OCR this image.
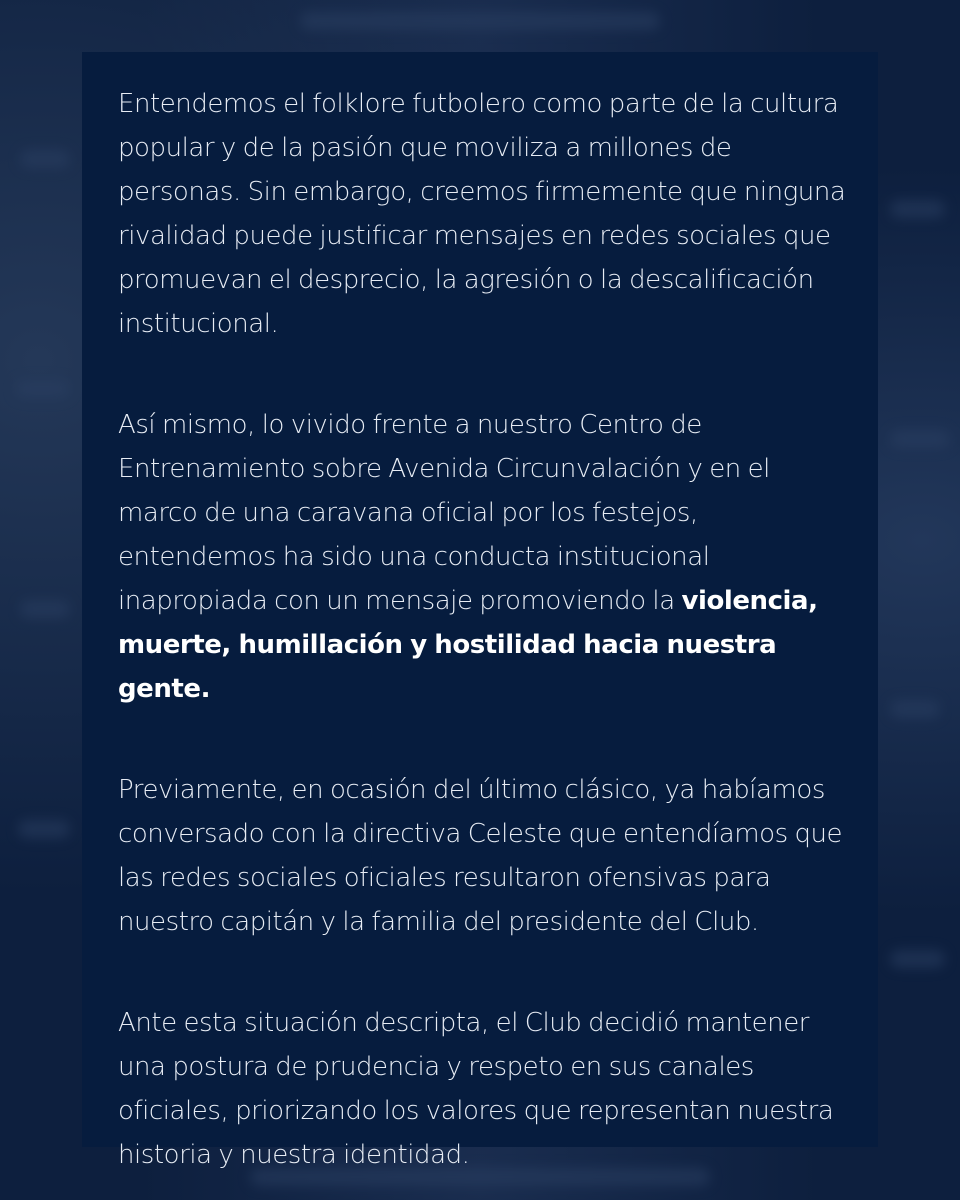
Entendemos el folklore futbolero como parte de la cultura popular y de la pasión que moviliza a millones de personas. Sin embargo, creemos firmemente que ninguna rivalidad puede justificar mensajes en redes sociales que promuevan el desprecio, la agresión o la descalificación institucional.

Así mismo, lo vivido frente a nuestro Centro de Entrenamiento sobre Avenida Circunvalación y en el marco de una caravana oficial por los festejos, entendemos ha sido una conducta institucional inapropiada con un mensaje promoviendo la violencia, muerte, humillación y hostilidad hacia nuestra gente.

Previamente, en ocasión del último clásico, ya habíamos conversado con la directiva Celeste que entendíamos que las redes sociales oficiales resultaron ofensivas para nuestro capitán y la familia del presidente del Club.

Ante esta situación descripta, el Club decidió mantener una postura de prudencia y respeto en sus canales oficiales, priorizando los valores que representan nuestra historia y nuestra identidad.
